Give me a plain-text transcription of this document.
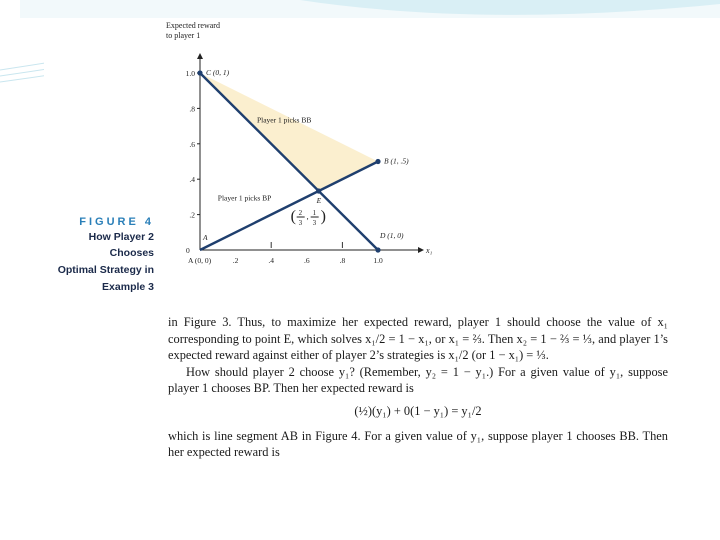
FIGURE 4
How Player 2 Chooses
Optimal Strategy in
Example 3
Expected reward
to player 1
x₁
0
.2
.4
.6
.8
1.0
A (0, 0)	.2	.4	.6	.8	1.0
Player 1 picks BB
Player 1 picks BP
C (0, 1)
B (1, .5)
D (1, 0)
E
A
( 2
3
, 1
3 )

in Figure 3. Thus, to maximize her expected reward, player 1 should choose the value of x₁ corresponding to point E, which solves x₁/2 = 1 − x₁, or x₁ = ⅔. Then x₂ = 1 − ⅔ = ⅓, and player 1’s expected reward against either of player 2’s strategies is x₁/2 (or 1 − x₁) = ⅓.

How should player 2 choose y₁? (Remember, y₂ = 1 − y₁.) For a given value of y₁, suppose player 1 chooses BP. Then her expected reward is

(½)(y₁) + 0(1 − y₁) = y₁/2

which is line segment AB in Figure 4. For a given value of y₁, suppose player 1 chooses BB. Then her expected reward is
